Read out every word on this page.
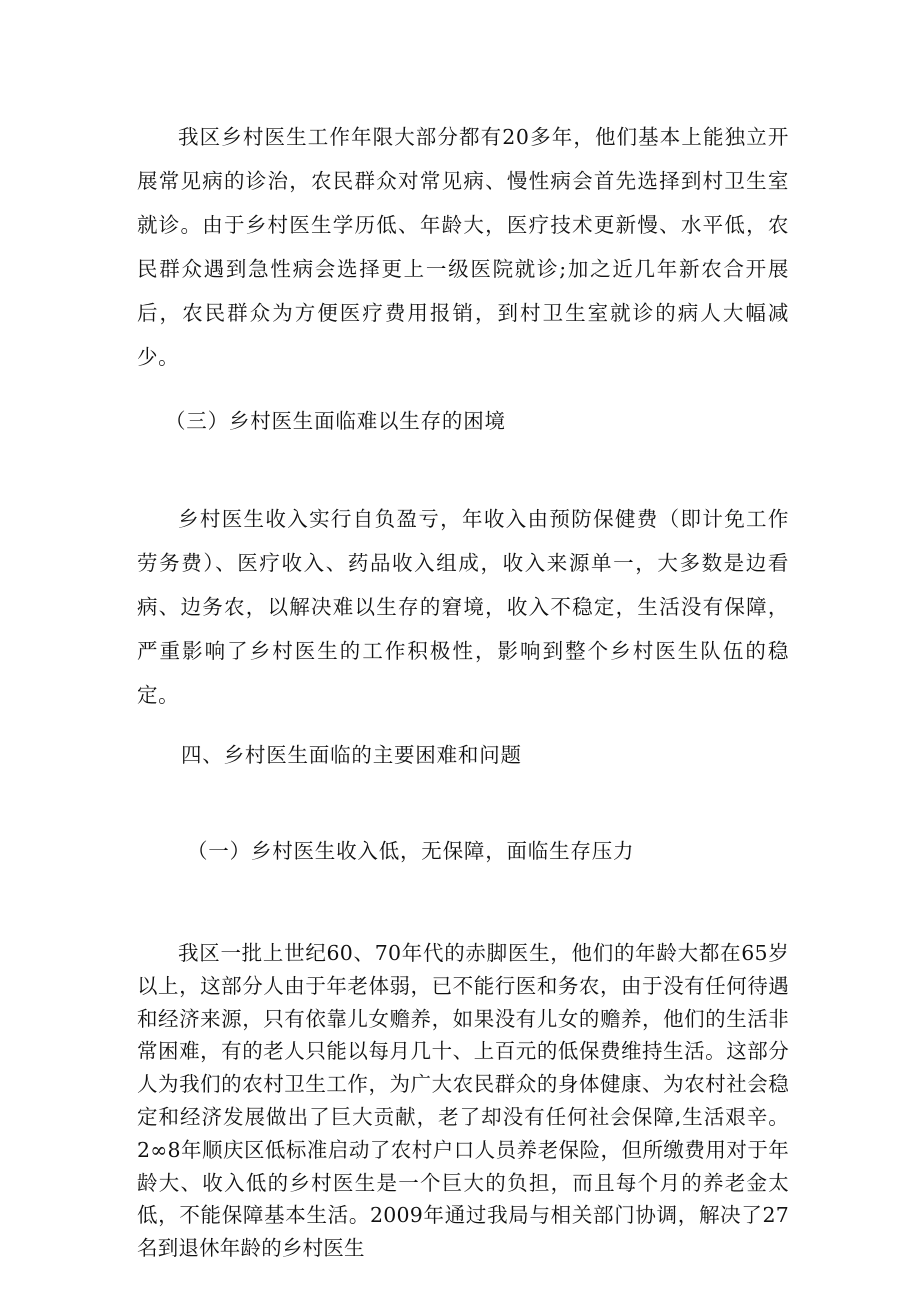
我区乡村医生工作年限大部分都有20多年，他们基本上能独立开展常见病的诊治，农民群众对常见病、慢性病会首先选择到村卫生室就诊。由于乡村医生学历低、年龄大，医疗技术更新慢、水平低，农民群众遇到急性病会选择更上一级医院就诊;加之近几年新农合开展后，农民群众为方便医疗费用报销，到村卫生室就诊的病人大幅减少。

（三）乡村医生面临难以生存的困境

乡村医生收入实行自负盈亏，年收入由预防保健费（即计免工作劳务费）、医疗收入、药品收入组成，收入来源单一，大多数是边看病、边务农，以解决难以生存的窘境，收入不稳定，生活没有保障，严重影响了乡村医生的工作积极性，影响到整个乡村医生队伍的稳定。

四、乡村医生面临的主要困难和问题
（一）乡村医生收入低，无保障，面临生存压力

我区一批上世纪60、70年代的赤脚医生，他们的年龄大都在65岁以上，这部分人由于年老体弱，已不能行医和务农，由于没有任何待遇和经济来源，只有依靠儿女赡养，如果没有儿女的赡养，他们的生活非常困难，有的老人只能以每月几十、上百元的低保费维持生活。这部分人为我们的农村卫生工作，为广大农民群众的身体健康、为农村社会稳定和经济发展做出了巨大贡献，老了却没有任何社会保障,生活艰辛。2∞8年顺庆区低标准启动了农村户口人员养老保险，但所缴费用对于年龄大、收入低的乡村医生是一个巨大的负担，而且每个月的养老金太低，不能保障基本生活。2009年通过我局与相关部门协调，解决了27名到退休年龄的乡村医生
